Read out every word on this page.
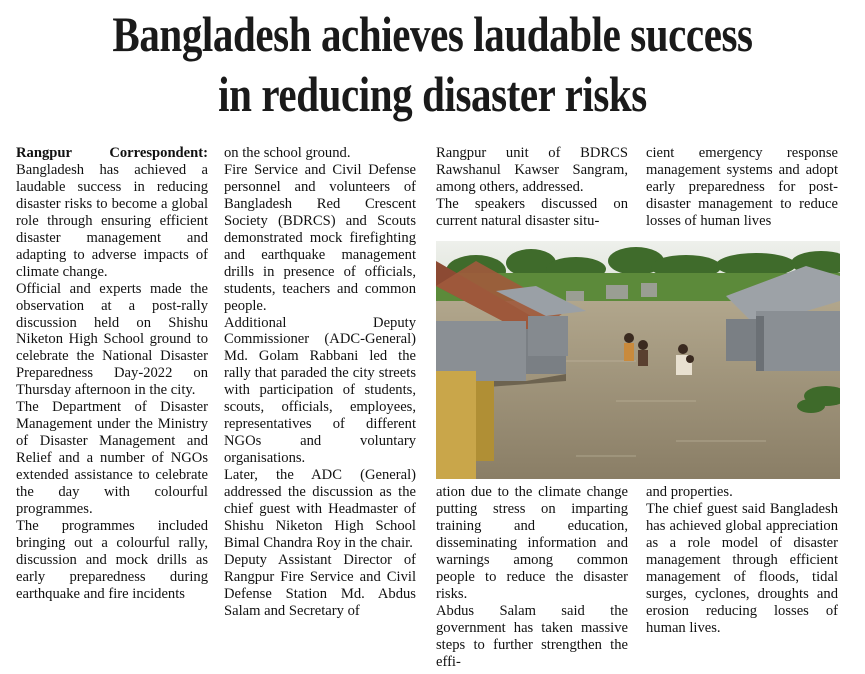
Bangladesh achieves laudable success
in reducing disaster risks

Rangpur Correspondent:

Bangladesh has achieved a laudable success in reducing disaster risks to become a global role through ensuring efficient disaster management and adapting to adverse impacts of climate change.

Official and experts made the observation at a post-rally discussion held on Shishu Niketon High School ground to celebrate the National Disaster Preparedness Day-2022 on Thursday afternoon in the city.

The Department of Disaster Management under the Ministry of Disaster Management and Relief and a number of NGOs extended assistance to celebrate the day with colourful programmes.

The programmes included bringing out a colourful rally, discussion and mock drills as early preparedness during earthquake and fire incidents

on the school ground.

Fire Service and Civil Defense personnel and volunteers of Bangladesh Red Crescent Society (BDRCS) and Scouts demonstrated mock firefighting and earthquake management drills in presence of officials, students, teachers and common people.

Additional Deputy Commissioner (ADC-General) Md. Golam Rabbani led the rally that paraded the city streets with participation of students, scouts, officials, employees, representatives of different NGOs and voluntary organisations.

Later, the ADC (General) addressed the discussion as the chief guest with Headmaster of Shishu Niketon High School Bimal Chandra Roy in the chair.

Deputy Assistant Director of Rangpur Fire Service and Civil Defense Station Md. Abdus Salam and Secretary of

Rangpur unit of BDRCS Rawshanul Kawser Sangram, among others, addressed.

The speakers discussed on current natural disaster situ-

cient emergency response management systems and adopt early preparedness for post-disaster management to reduce losses of human lives

ation due to the climate change putting stress on imparting training and education, disseminating information and warnings among common people to reduce the disaster risks.

Abdus Salam said the government has taken massive steps to further strengthen the effi-

and properties.

The chief guest said Bangladesh has achieved global appreciation as a role model of disaster management through efficient management of floods, tidal surges, cyclones, droughts and erosion reducing losses of human lives.
